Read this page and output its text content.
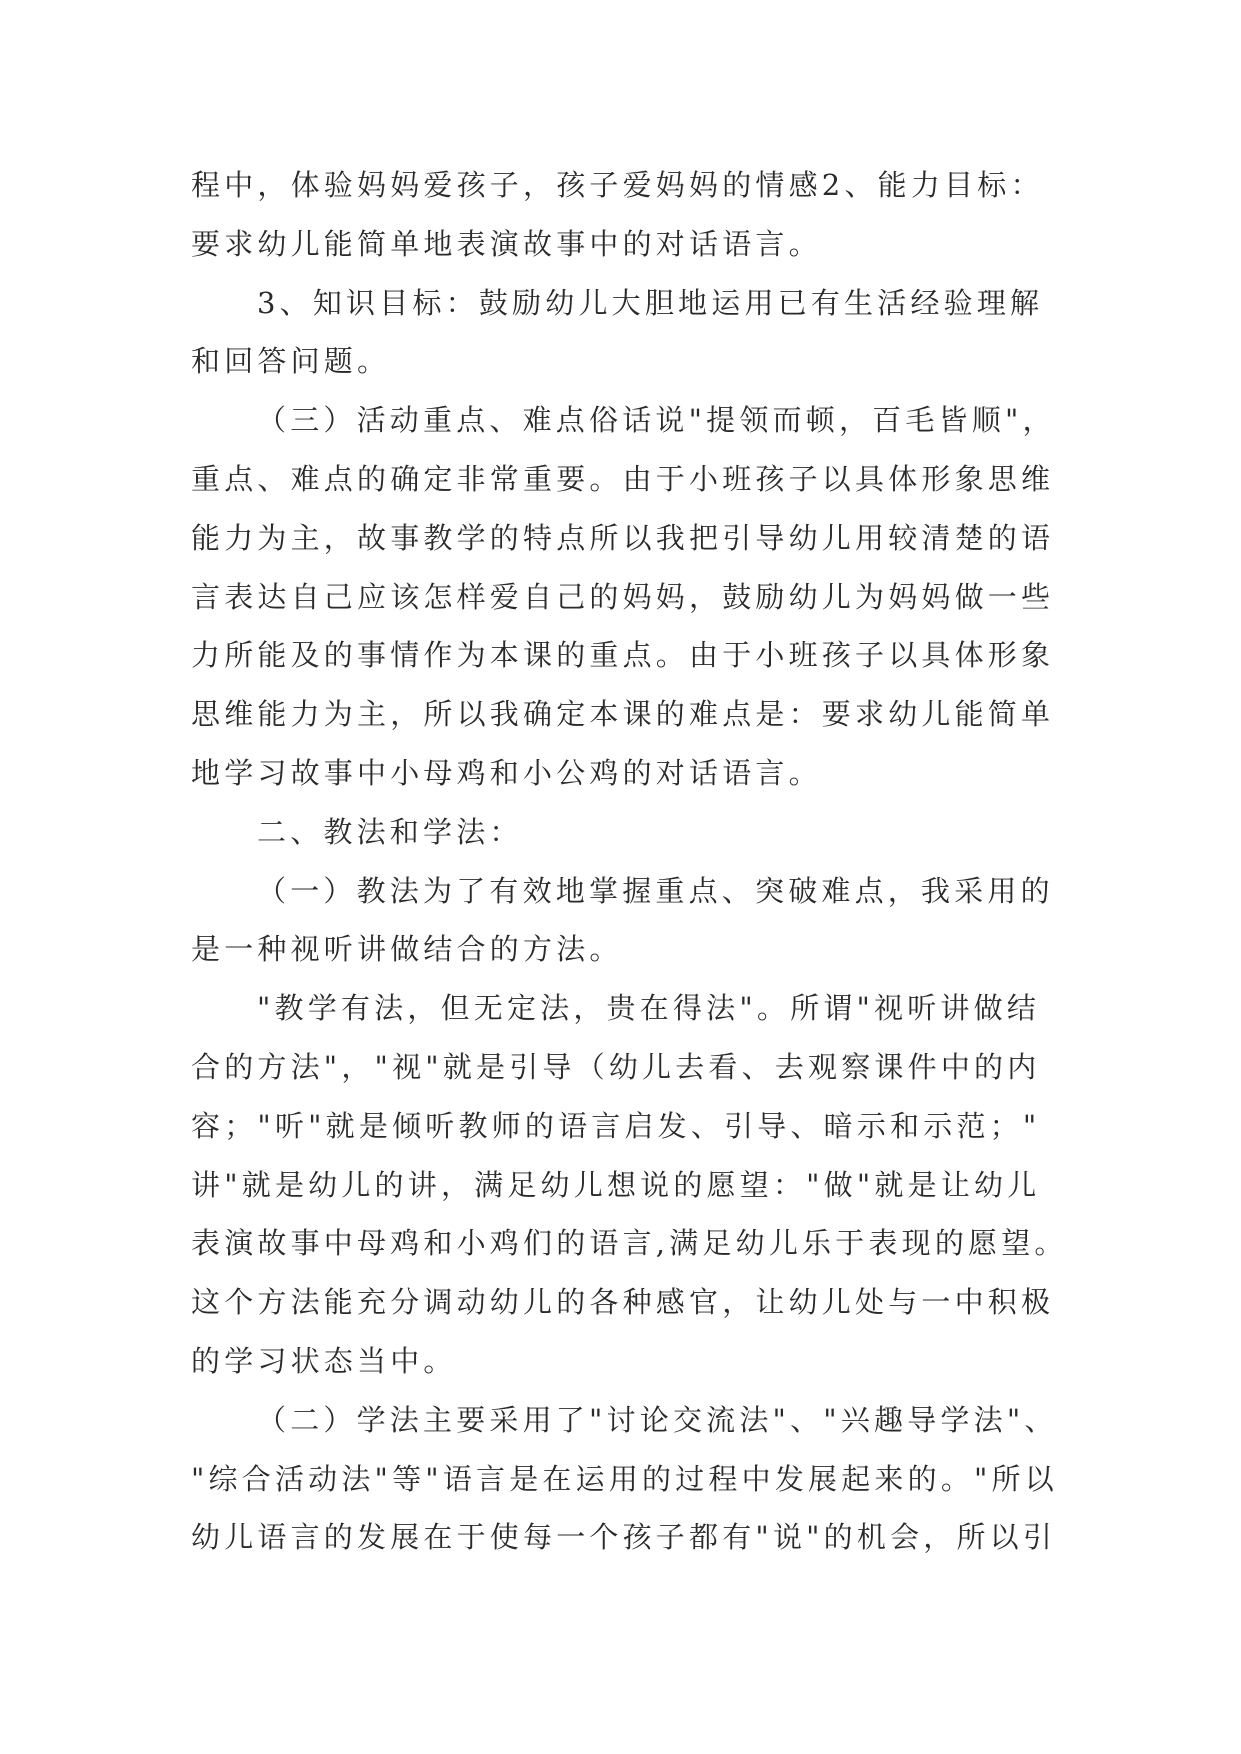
程中，体验妈妈爱孩子，孩子爱妈妈的情感2、能力目标：
要求幼儿能简单地表演故事中的对话语言。
3、知识目标：鼓励幼儿大胆地运用已有生活经验理解
和回答问题。
（三）活动重点、难点俗话说"提领而顿，百毛皆顺"，
重点、难点的确定非常重要。由于小班孩子以具体形象思维
能力为主，故事教学的特点所以我把引导幼儿用较清楚的语
言表达自己应该怎样爱自己的妈妈，鼓励幼儿为妈妈做一些
力所能及的事情作为本课的重点。由于小班孩子以具体形象
思维能力为主，所以我确定本课的难点是：要求幼儿能简单
地学习故事中小母鸡和小公鸡的对话语言。
二、教法和学法：
（一）教法为了有效地掌握重点、突破难点，我采用的
是一种视听讲做结合的方法。
"教学有法，但无定法，贵在得法"。所谓"视听讲做结
合的方法"，"视"就是引导（幼儿去看、去观察课件中的内
容；"听"就是倾听教师的语言启发、引导、暗示和示范；"
讲"就是幼儿的讲，满足幼儿想说的愿望："做"就是让幼儿
表演故事中母鸡和小鸡们的语言,满足幼儿乐于表现的愿望。
这个方法能充分调动幼儿的各种感官，让幼儿处与一中积极
的学习状态当中。
（二）学法主要采用了"讨论交流法"、"兴趣导学法"、
"综合活动法"等"语言是在运用的过程中发展起来的。"所以
幼儿语言的发展在于使每一个孩子都有"说"的机会，所以引
